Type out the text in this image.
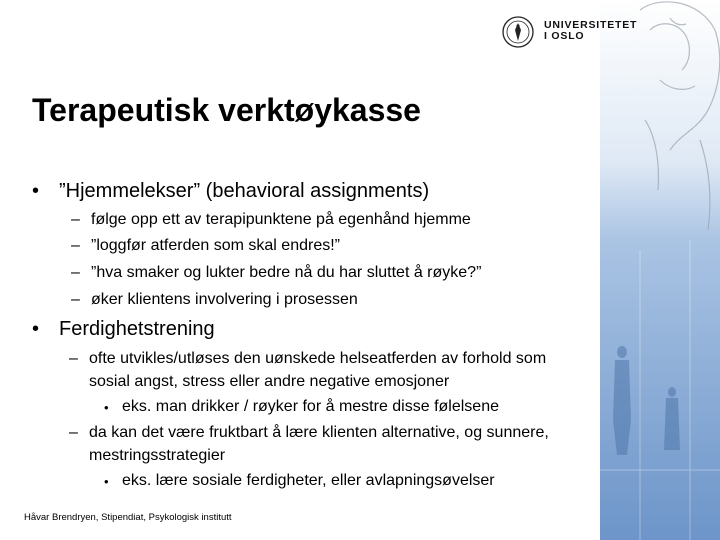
UNIVERSITETET
I OSLO
Terapeutisk verktøykasse
• ”Hjemmelekser” (behavioral assignments)
– følge opp ett av terapipunktene på egenhånd hjemme
– ”loggfør atferden som skal endres!”
– ”hva smaker og lukter bedre nå du har sluttet å røyke?”
– øker klientens involvering i prosessen
• Ferdighetstrening
– ofte utvikles/utløses den uønskede helseatferden av forhold som
sosial angst, stress eller andre negative emosjoner
• eks. man drikker / røyker for å mestre disse følelsene
– da kan det være fruktbart å lære klienten alternative, og sunnere,
mestringsstrategier
• eks. lære sosiale ferdigheter, eller avlapningsøvelser
Håvar Brendryen, Stipendiat, Psykologisk institutt
